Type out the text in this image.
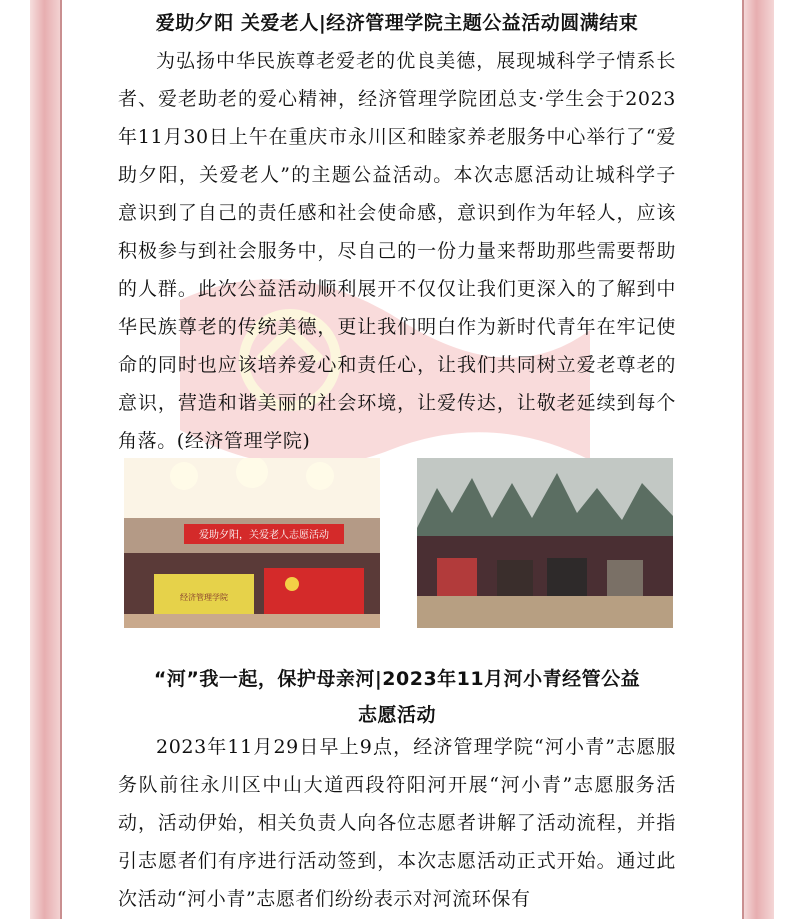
爱助夕阳 关爱老人|经济管理学院主题公益活动圆满结束

为弘扬中华民族尊老爱老的优良美德，展现城科学子情系长者、爱老助老的爱心精神，经济管理学院团总支·学生会于2023年11月30日上午在重庆市永川区和睦家养老服务中心举行了“爱助夕阳，关爱老人”的主题公益活动。本次志愿活动让城科学子意识到了自己的责任感和社会使命感，意识到作为年轻人，应该积极参与到社会服务中，尽自己的一份力量来帮助那些需要帮助的人群。此次公益活动顺利展开不仅仅让我们更深入的了解到中华民族尊老的传统美德，更让我们明白作为新时代青年在牢记使命的同时也应该培养爱心和责任心，让我们共同树立爱老尊老的意识，营造和谐美丽的社会环境，让爱传达，让敬老延续到每个角落。(经济管理学院)

爱助夕阳，关爱老人志愿活动
经济管理学院

“河”我一起，保护母亲河|2023年11月河小青经管公益

志愿活动

2023年11月29日早上9点，经济管理学院“河小青”志愿服务队前往永川区中山大道西段符阳河开展“河小青”志愿服务活动，活动伊始，相关负责人向各位志愿者讲解了活动流程，并指引志愿者们有序进行活动签到，本次志愿活动正式开始。通过此次活动“河小青”志愿者们纷纷表示对河流环保有
